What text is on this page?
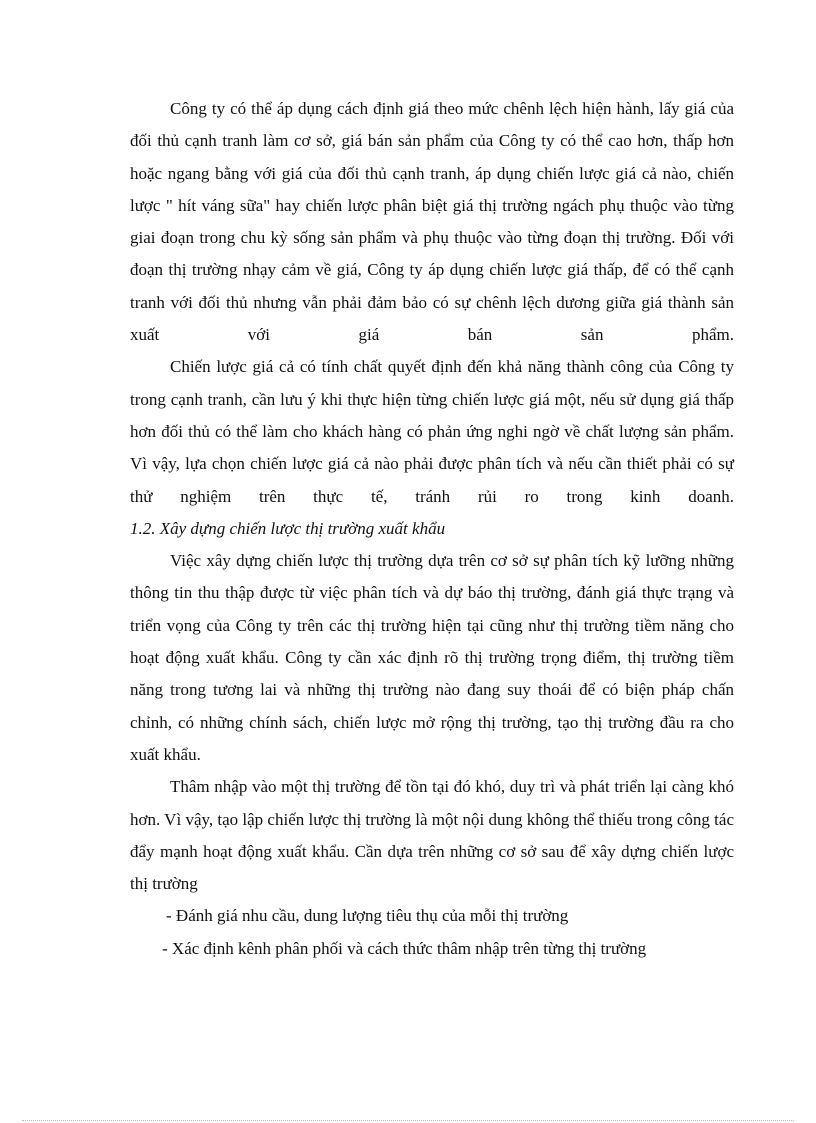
Công ty có thể áp dụng cách định giá theo mức chênh lệch hiện hành, lấy giá của đối thủ cạnh tranh làm cơ sở, giá bán sản phẩm của Công ty có thể cao hơn, thấp hơn hoặc ngang bằng với giá của đối thủ cạnh tranh, áp dụng chiến lược giá cả nào, chiến lược " hít váng sữa" hay chiến lược phân biệt giá thị trường ngách phụ thuộc vào từng giai đoạn trong chu kỳ sống sản phẩm và phụ thuộc vào từng đoạn thị trường. Đối với đoạn thị trường nhạy cảm về giá, Công ty áp dụng chiến lược giá thấp, để có thể cạnh tranh với đối thủ nhưng vẫn phải đảm bảo có sự chênh lệch dương giữa giá thành sản xuất với giá bán sản phẩm.

Chiến lược giá cả có tính chất quyết định đến khả năng thành công của Công ty trong cạnh tranh, cần lưu ý khi thực hiện từng chiến lược giá một, nếu sử dụng giá thấp hơn đối thủ có thể làm cho khách hàng có phản ứng nghi ngờ về chất lượng sản phẩm. Vì vậy, lựa chọn chiến lược giá cả nào phải được phân tích và nếu cần thiết phải có sự thử nghiệm trên thực tế, tránh rủi ro trong kinh doanh.

1.2. Xây dựng chiến lược thị trường xuất khẩu

Việc xây dựng chiến lược thị trường dựa trên cơ sở sự phân tích kỹ lưỡng những thông tin thu thập được từ việc phân tích và dự báo thị trường, đánh giá thực trạng và triển vọng của Công ty trên các thị trường hiện tại cũng như thị trường tiềm năng cho hoạt động xuất khẩu. Công ty cần xác định rõ thị trường trọng điểm, thị trường tiềm năng trong tương lai và những thị trường nào đang suy thoái để có biện pháp chấn chỉnh, có những chính sách, chiến lược mở rộng thị trường, tạo thị trường đầu ra cho xuất khẩu.

Thâm nhập vào một thị trường để tồn tại đó khó, duy trì và phát triển lại càng khó hơn. Vì vậy, tạo lập chiến lược thị trường là một nội dung không thể thiếu trong công tác đẩy mạnh hoạt động xuất khẩu. Cần dựa trên những cơ sở sau để xây dựng chiến lược thị trường

- Đánh giá nhu cầu, dung lượng tiêu thụ của mỗi thị trường

- Xác định kênh phân phối và cách thức thâm nhập trên từng thị trường
